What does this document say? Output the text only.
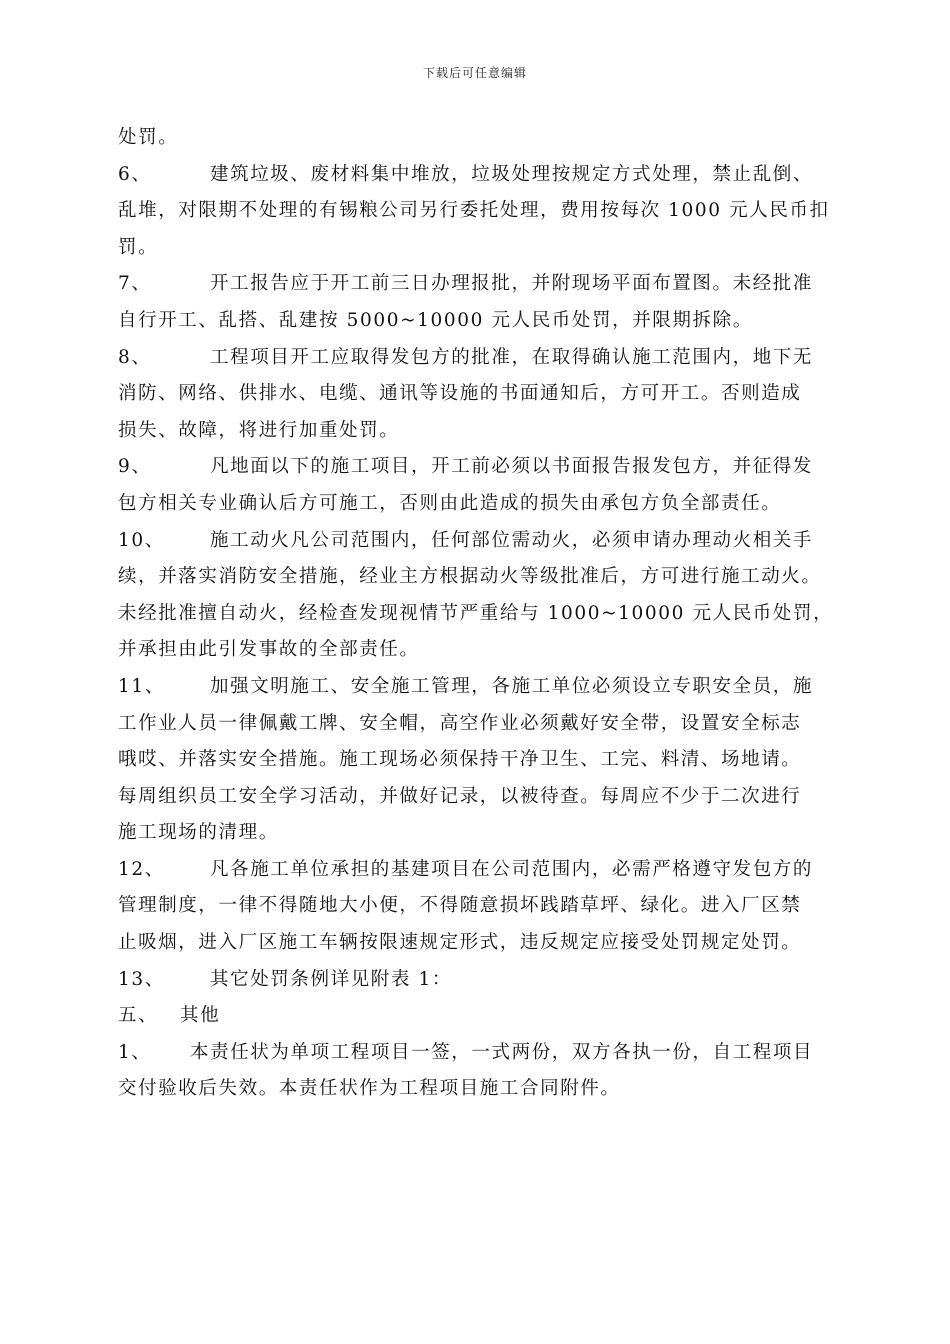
下载后可任意编辑
处罚。
6、	建筑垃圾、废材料集中堆放，垃圾处理按规定方式处理，禁止乱倒、
乱堆，对限期不处理的有锡粮公司另行委托处理，费用按每次 1000 元人民币扣
罚。
7、	开工报告应于开工前三日办理报批，并附现场平面布置图。未经批准
自行开工、乱搭、乱建按 5000~10000 元人民币处罚，并限期拆除。
8、	工程项目开工应取得发包方的批准，在取得确认施工范围内，地下无
消防、网络、供排水、电缆、通讯等设施的书面通知后，方可开工。否则造成
损失、故障，将进行加重处罚。
9、	凡地面以下的施工项目，开工前必须以书面报告报发包方，并征得发
包方相关专业确认后方可施工，否则由此造成的损失由承包方负全部责任。
10、 施工动火凡公司范围内，任何部位需动火，必须申请办理动火相关手
续，并落实消防安全措施，经业主方根据动火等级批准后，方可进行施工动火。
未经批准擅自动火，经检查发现视情节严重给与 1000~10000 元人民币处罚，
并承担由此引发事故的全部责任。
11、 加强文明施工、安全施工管理，各施工单位必须设立专职安全员，施
工作业人员一律佩戴工牌、安全帽，高空作业必须戴好安全带，设置安全标志
哦哎、并落实安全措施。施工现场必须保持干净卫生、工完、料清、场地请。
每周组织员工安全学习活动，并做好记录，以被待查。每周应不少于二次进行
施工现场的清理。
12、 凡各施工单位承担的基建项目在公司范围内，必需严格遵守发包方的
管理制度，一律不得随地大小便，不得随意损坏践踏草坪、绿化。进入厂区禁
止吸烟，进入厂区施工车辆按限速规定形式，违反规定应接受处罚规定处罚。
13、 其它处罚条例详见附表 1：
五、 其他
1、 本责任状为单项工程项目一签，一式两份，双方各执一份，自工程项目
交付验收后失效。本责任状作为工程项目施工合同附件。
